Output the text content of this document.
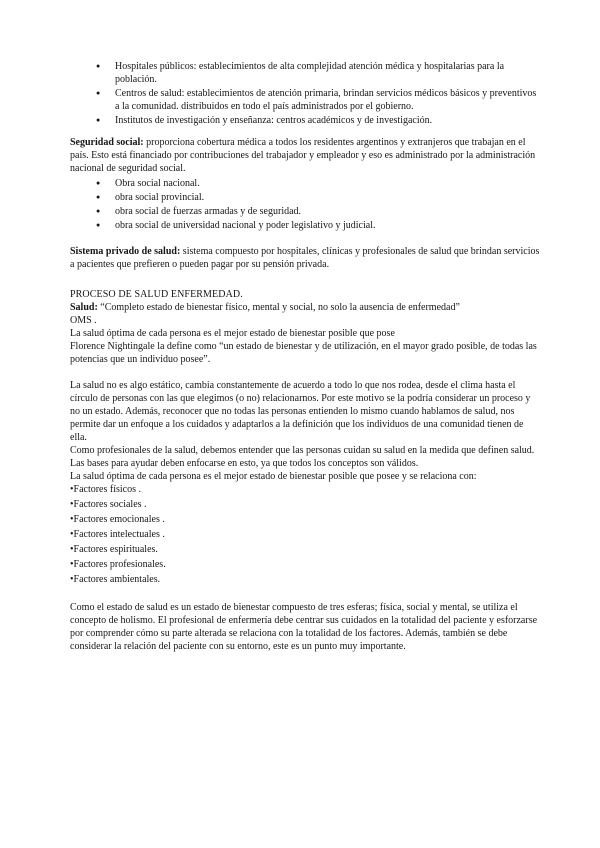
● Hospitales públicos: establecimientos de alta complejidad atención médica y hospitalarias para la población.
● Centros de salud: establecimientos de atención primaria, brindan servicios médicos básicos y preventivos a la comunidad. distribuidos en todo el país administrados por el gobierno.
● Institutos de investigación y enseñanza: centros académicos y de investigación.

Seguridad social: proporciona cobertura médica a todos los residentes argentinos y extranjeros que trabajan en el país. Esto está financiado por contribuciones del trabajador y empleador y eso es administrado por la administración nacional de seguridad social.

● Obra social nacional.
● obra social provincial.
● obra social de fuerzas armadas y de seguridad.
● obra social de universidad nacional y poder legislativo y judicial.

Sistema privado de salud: sistema compuesto por hospitales, clínicas y profesionales de salud que brindan servicios a pacientes que prefieren o pueden pagar por su pensión privada.

PROCESO DE SALUD ENFERMEDAD.

Salud: “Completo estado de bienestar físico, mental y social, no solo la ausencia de enfermedad”

OMS .

La salud óptima de cada persona es el mejor estado de bienestar posible que pose

Florence Nightingale la define como “un estado de bienestar y de utilización, en el mayor grado posible, de todas las potencias que un individuo posee”.

La salud no es algo estático, cambia constantemente de acuerdo a todo lo que nos rodea, desde el clima hasta el círculo de personas con las que elegimos (o no) relacionarnos. Por este motivo se la podría considerar un proceso y no un estado. Además, reconocer que no todas las personas entienden lo mismo cuando hablamos de salud, nos permite dar un enfoque a los cuidados y adaptarlos a la definición que los individuos de una comunidad tienen de ella.

Como profesionales de la salud, debemos entender que las personas cuidan su salud en la medida que definen salud. Las bases para ayudar deben enfocarse en esto, ya que todos los conceptos son válidos.

La salud óptima de cada persona es el mejor estado de bienestar posible que posee y se relaciona con:

•Factores físicos .

•Factores sociales .

•Factores emocionales .

•Factores intelectuales .

•Factores espirituales.

•Factores profesionales.

•Factores ambientales.

Como el estado de salud es un estado de bienestar compuesto de tres esferas; física, social y mental, se utiliza el concepto de holismo. El profesional de enfermería debe centrar sus cuidados en la totalidad del paciente y esforzarse por comprender cómo su parte alterada se relaciona con la totalidad de los factores. Además, también se debe considerar la relación del paciente con su entorno, este es un punto muy importante.
